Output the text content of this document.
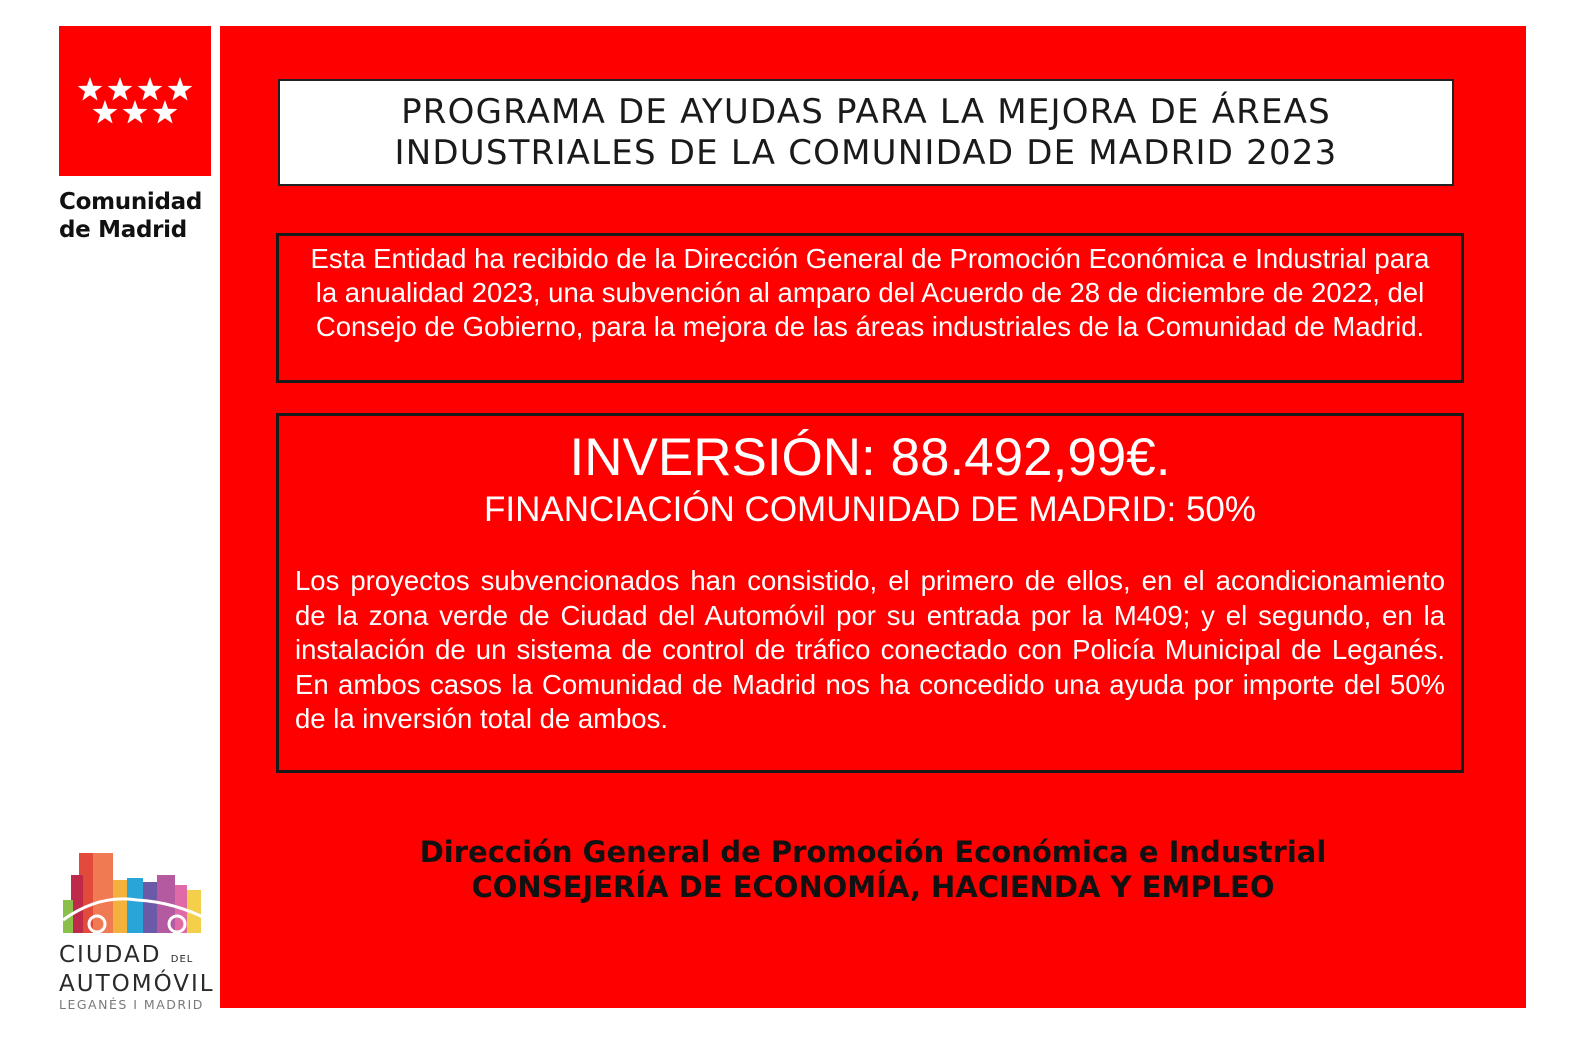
Comunidad
de Madrid
PROGRAMA DE AYUDAS PARA LA MEJORA DE ÁREAS
INDUSTRIALES DE LA COMUNIDAD DE MADRID 2023
Esta Entidad ha recibido de la Dirección General de Promoción Económica e Industrial para la anualidad 2023, una subvención al amparo del Acuerdo de 28 de diciembre de 2022, del Consejo de Gobierno, para la mejora de las áreas industriales de la Comunidad de Madrid.
INVERSIÓN: 88.492,99€.
FINANCIACIÓN COMUNIDAD DE MADRID: 50%
Los proyectos subvencionados han consistido, el primero de ellos, en el acondicionamiento de la zona verde de Ciudad del Automóvil por su entrada por la M409; y el segundo, en la instalación de un sistema de control de tráfico conectado con Policía Municipal de Leganés. En ambos casos la Comunidad de Madrid nos ha concedido una ayuda por importe del 50% de la inversión total de ambos.
Dirección General de Promoción Económica e Industrial
CONSEJERÍA DE ECONOMÍA, HACIENDA Y EMPLEO
CIUDAD DEL
AUTOMÓVIL
LEGANÉS I MADRID
